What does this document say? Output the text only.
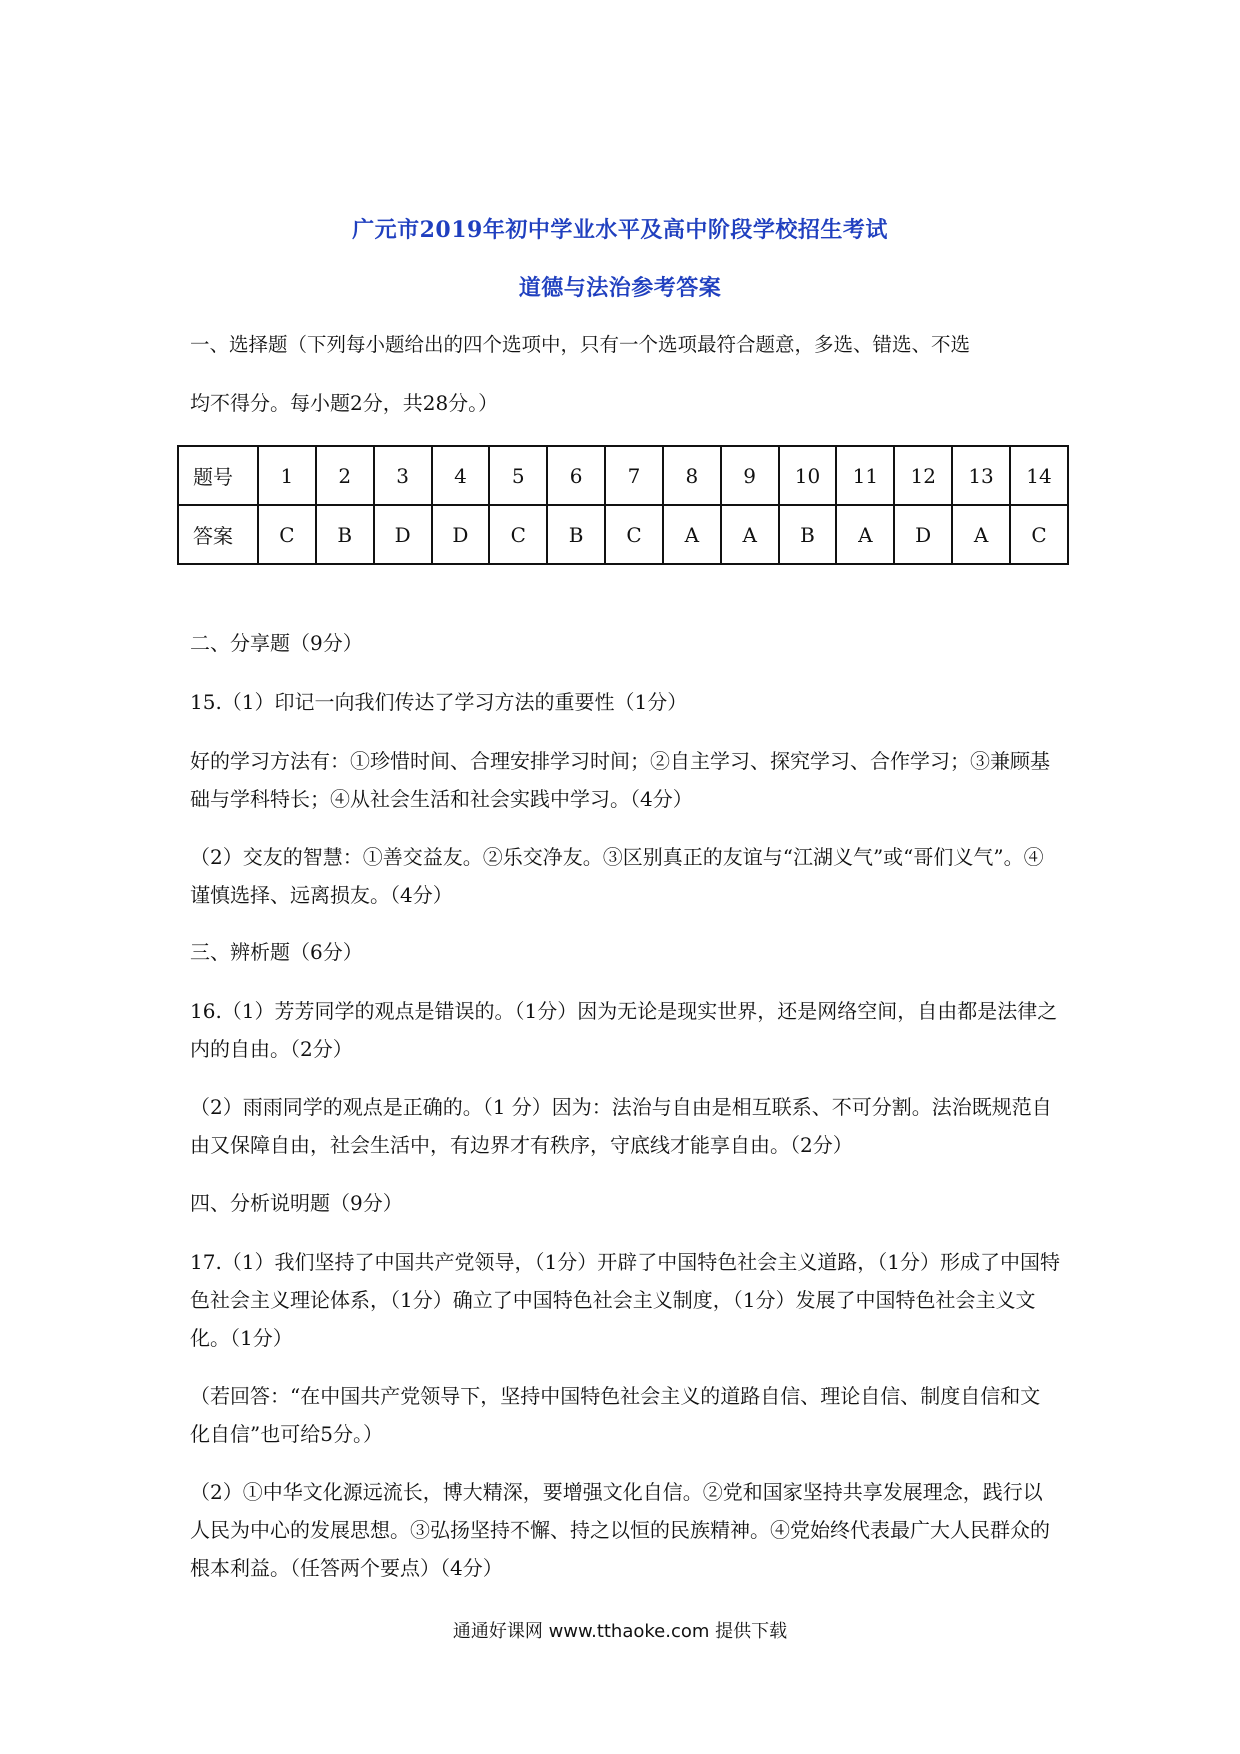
广元市2019年初中学业水平及高中阶段学校招生考试
道德与法治参考答案
一、选择题（下列每小题给出的四个选项中，只有一个选项最符合题意，多选、错选、不选
均不得分。每小题2分，共28分。）
题号	1	2	3	4	5	6	7	8	9	10	11	12	13	14
答案	C	B	D	D	C	B	C	A	A	B	A	D	A	C
二、分享题（9分）
15.（1）印记一向我们传达了学习方法的重要性（1分）
好的学习方法有：①珍惜时间、合理安排学习时间；②自主学习、探究学习、合作学习；③兼顾基础与学科特长；④从社会生活和社会实践中学习。（4分）
（2）交友的智慧：①善交益友。②乐交净友。③区别真正的友谊与“江湖义气”或“哥们义气”。④谨慎选择、远离损友。（4分）
三、辨析题（6分）
16.（1）芳芳同学的观点是错误的。（1分）因为无论是现实世界，还是网络空间，自由都是法律之内的自由。（2分）
（2）雨雨同学的观点是正确的。（1 分）因为：法治与自由是相互联系、不可分割。法治既规范自由又保障自由，社会生活中，有边界才有秩序，守底线才能享自由。（2分）
四、分析说明题（9分）
17.（1）我们坚持了中国共产党领导，（1分）开辟了中国特色社会主义道路，（1分）形成了中国特色社会主义理论体系，（1分）确立了中国特色社会主义制度，（1分）发展了中国特色社会主义文化。（1分）
（若回答：“在中国共产党领导下，坚持中国特色社会主义的道路自信、理论自信、制度自信和文化自信”也可给5分。）
（2）①中华文化源远流长，博大精深，要增强文化自信。②党和国家坚持共享发展理念，践行以人民为中心的发展思想。③弘扬坚持不懈、持之以恒的民族精神。④党始终代表最广大人民群众的根本利益。（任答两个要点）（4分）
通通好课网 www.tthaoke.com 提供下载
